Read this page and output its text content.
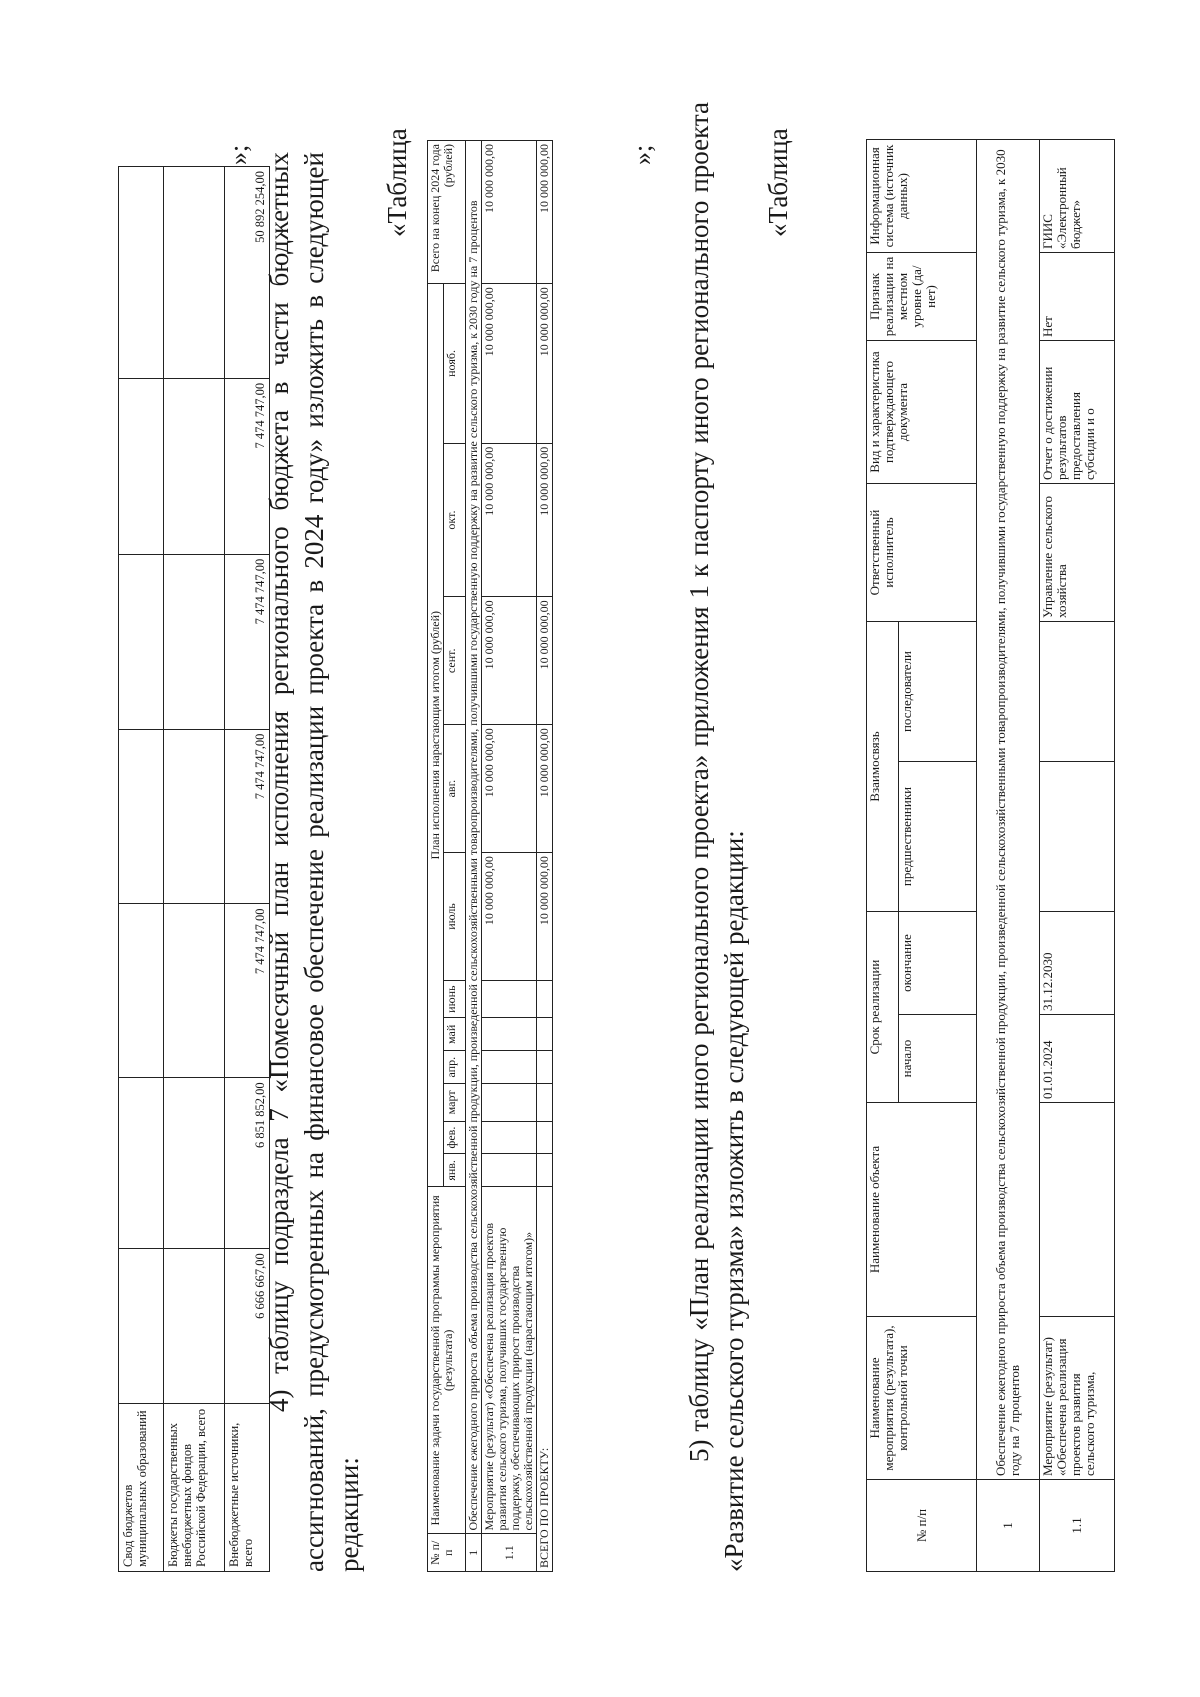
Свод бюджетов муниципальных образований							
Бюджеты государственных внебюджетных фондов Российской Федерации, всего							
Внебюджетные источники, всего	6 666 667,00	6 851 852,00	7 474 747,00	7 474 747,00	7 474 747,00	7 474 747,00	50 892 254,00
»;
4) таблицу подраздела 7 «Помесячный план исполнения регионального бюджета в части бюджетных ассигнований, предусмотренных на финансовое обеспечение реализации проекта в 2024 году» изложить в следующей редакции:
«Таблица
№ п/п	Наименование задачи государственной программы мероприятия (результата)	План исполнения нарастающим итогом (рублей)											Всего на конец 2024 года (рублей)
		янв.	фев.	март	апр.	май	июнь	июль	авг.	сент.	окт.	нояб.	
1	Обеспечение ежегодного прироста объема производства сельскохозяйственной продукции, произведенной сельскохозяйственными товаропроизводителями, получившими государственную поддержку на развитие сельского туризма, к 2030 году на 7 процентов												
1.1	Мероприятие (результат) «Обеспечена реализация проектов развития сельского туризма, получивших государственную поддержку, обеспечивающих прирост производства сельскохозяйственной продукции (нарастающим итогом)»							10 000 000,00	10 000 000,00	10 000 000,00	10 000 000,00	10 000 000,00	10 000 000,00
ВСЕГО ПО ПРОЕКТУ:								10 000 000,00	10 000 000,00	10 000 000,00	10 000 000,00	10 000 000,00	10 000 000,00	»; 5) таблицу «План реализации иного регионального проекта» приложения 1 к паспорту иного регионального проекта «Развитие сельского туризма» изложить в следующей редакции:
«Таблица
№ п/п	Наименование мероприятия (результата), контрольной точки	Наименование объекта	Срок реализации		Взаимосвязь		Ответственный исполнитель	Вид и характеристика подтверждающего документа	Признак реализации на местном уровне (да/нет)	Информационная система (источник данных)
			начало	окончание	предшественники	последователи				
1	Обеспечение ежегодного прироста объема производства сельскохозяйственной продукции, произведенной сельскохозяйственными товаропроизводителями, получившими государственную поддержку на развитие сельского туризма, к 2030 году на 7 процентов									
1.1	Мероприятие (результат) «Обеспечена реализация проектов развития сельского туризма,		01.01.2024	31.12.2030			Управление сельского хозяйства	Отчет о достижении результатов предоставления субсидии и о	Нет	ГИИС «Электронный бюджет»
